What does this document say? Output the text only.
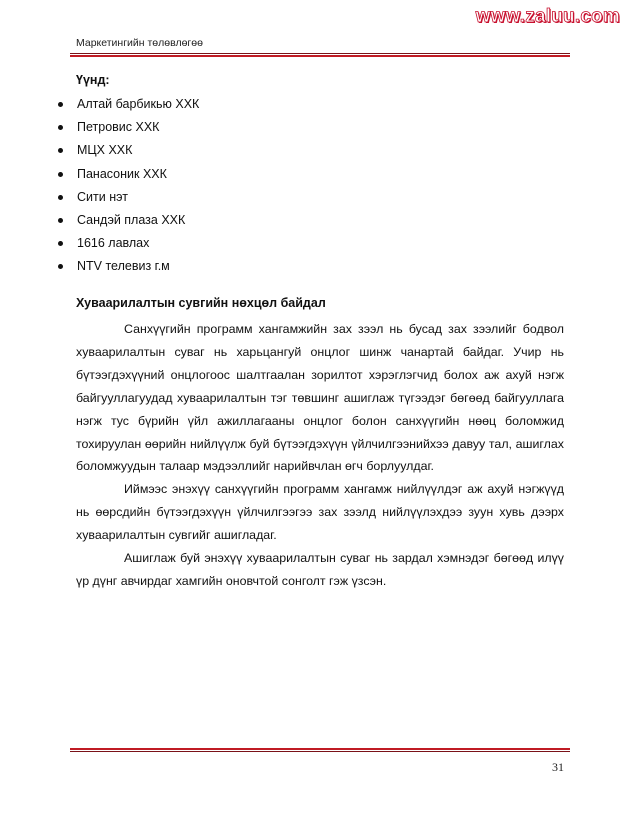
www.zaluu.com
Маркетингийн төлөвлөгөө
Үүнд:
Алтай барбикью ХХК
Петровис ХХК
МЦХ ХХК
Панасоник ХХК
Сити нэт
Сандэй плаза ХХК
1616 лавлах
NTV телевиз г.м
Хуваарилалтын сувгийн нөхцөл байдал

Санхүүгийн программ хангамжийн зах зээл нь бусад зах зээлийг бодвол хуваарилалтын суваг нь харьцангуй онцлог шинж чанартай байдаг. Учир нь бүтээгдэхүүний онцлогоос шалтгаалан зорилтот хэрэглэгчид болох аж ахуй нэгж байгууллагуудад хуваарилалтын тэг төвшинг ашиглаж түгээдэг бөгөөд байгууллага нэгж тус бүрийн үйл ажиллагааны онцлог болон санхүүгийн нөөц боломжид тохируулан өөрийн нийлүүлж буй бүтээгдэхүүн үйлчилгээнийхээ давуу тал, ашиглах боломжуудын талаар мэдээллийг нарийвчлан өгч борлуулдаг.

Иймээс энэхүү санхүүгийн программ хангамж нийлүүлдэг аж ахуй нэгжүүд нь өөрсдийн бүтээгдэхүүн үйлчилгээгээ зах зээлд нийлүүлэхдээ зуун хувь дээрх хуваарилалтын сувгийг ашигладаг.

Ашиглаж буй энэхүү хуваарилалтын суваг нь зардал хэмнэдэг бөгөөд илүү үр дүнг авчирдаг хамгийн оновчтой сонголт гэж үзсэн.

31
